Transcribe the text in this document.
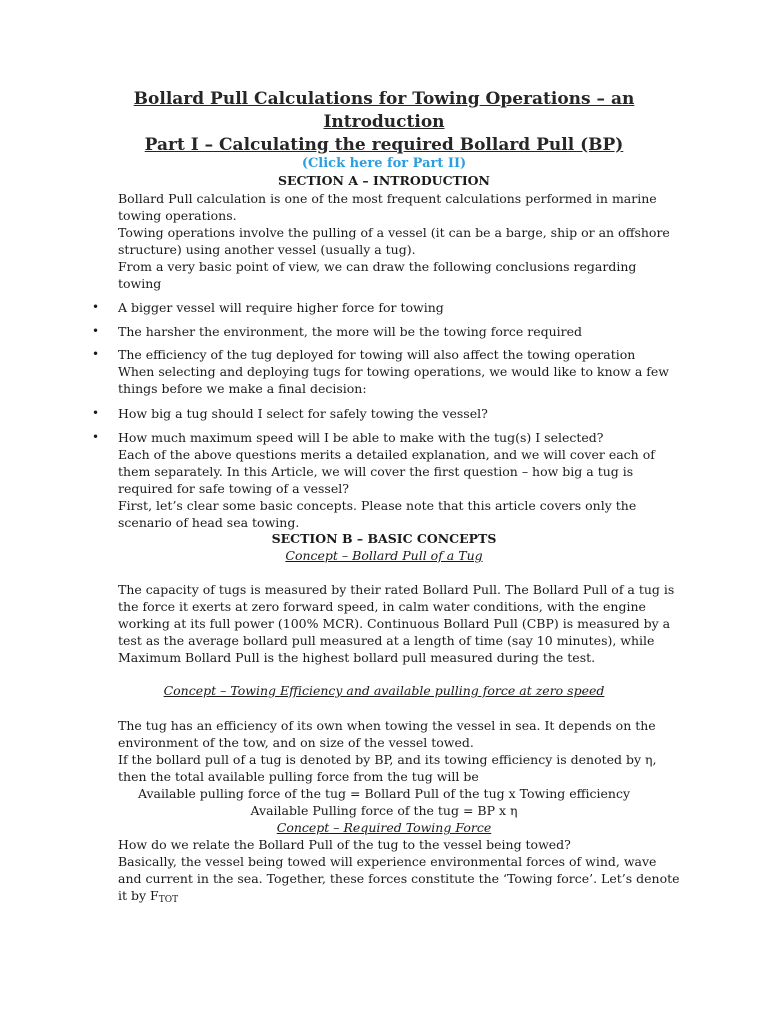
Bollard Pull Calculations for Towing Operations – an
Introduction
Part I – Calculating the required Bollard Pull (BP)
(Click here for Part II)
SECTION A – INTRODUCTION
Bollard Pull calculation is one of the most frequent calculations performed in marine
towing operations.
Towing operations involve the pulling of a vessel (it can be a barge, ship or an offshore
structure) using another vessel (usually a tug).
From a very basic point of view, we can draw the following conclusions regarding
towing
• A bigger vessel will require higher force for towing
• The harsher the environment, the more will be the towing force required
• The efficiency of the tug deployed for towing will also affect the towing operation
When selecting and deploying tugs for towing operations, we would like to know a few
things before we make a final decision:
• How big a tug should I select for safely towing the vessel?
• How much maximum speed will I be able to make with the tug(s) I selected?
Each of the above questions merits a detailed explanation, and we will cover each of
them separately. In this Article, we will cover the first question – how big a tug is
required for safe towing of a vessel?
First, let’s clear some basic concepts. Please note that this article covers only the
scenario of head sea towing.
SECTION B – BASIC CONCEPTS
Concept – Bollard Pull of a Tug
The capacity of tugs is measured by their rated Bollard Pull. The Bollard Pull of a tug is
the force it exerts at zero forward speed, in calm water conditions, with the engine
working at its full power (100% MCR). Continuous Bollard Pull (CBP) is measured by a
test as the average bollard pull measured at a length of time (say 10 minutes), while
Maximum Bollard Pull is the highest bollard pull measured during the test.
Concept – Towing Efficiency and available pulling force at zero speed
The tug has an efficiency of its own when towing the vessel in sea. It depends on the
environment of the tow, and on size of the vessel towed.
If the bollard pull of a tug is denoted by BP, and its towing efficiency is denoted by η,
then the total available pulling force from the tug will be
Available pulling force of the tug = Bollard Pull of the tug x Towing efficiency
Available Pulling force of the tug = BP x η
Concept – Required Towing Force
How do we relate the Bollard Pull of the tug to the vessel being towed?
Basically, the vessel being towed will experience environmental forces of wind, wave
and current in the sea. Together, these forces constitute the ‘Towing force’. Let’s denote
it by $F_{TOT}$
